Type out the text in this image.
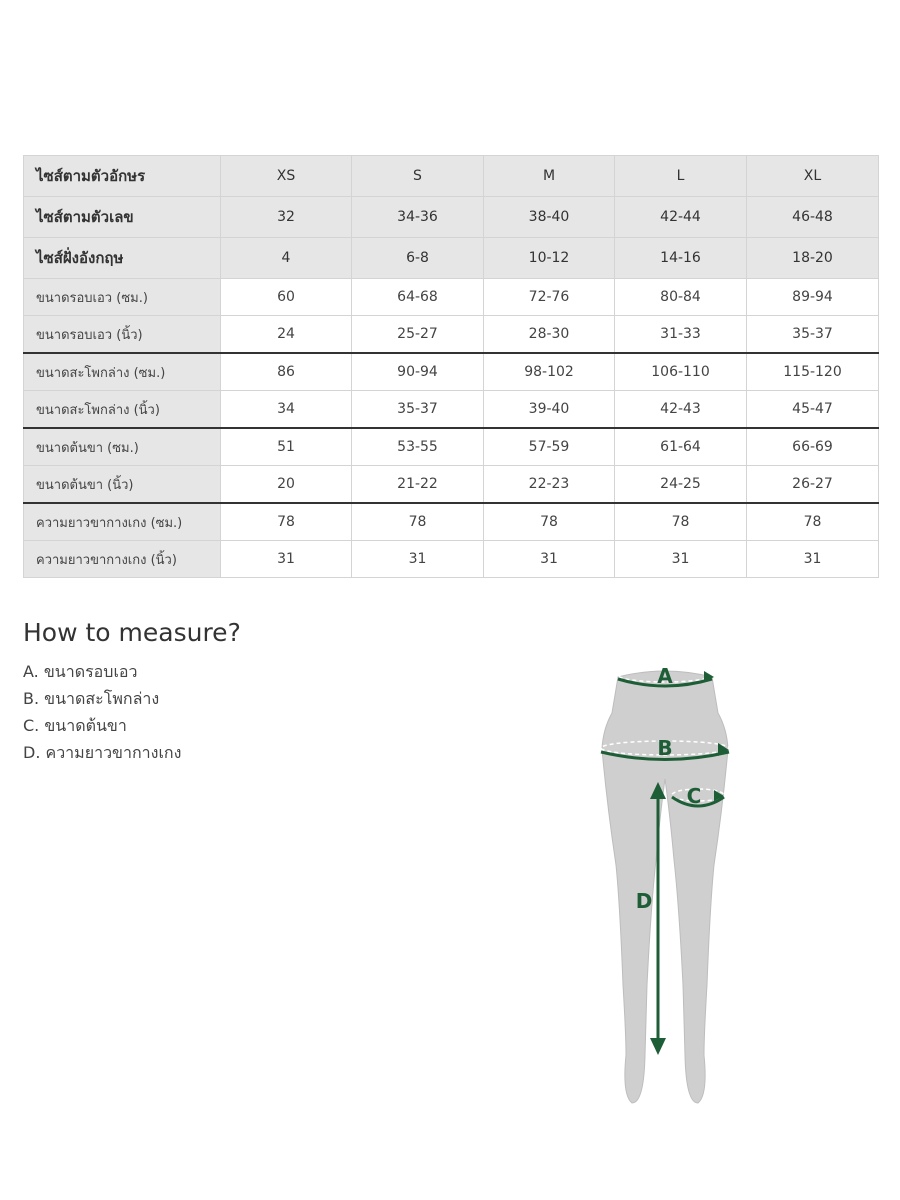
ไซส์ตามตัวอักษร	XS	S	M	L	XL
ไซส์ตามตัวเลข	32	34-36	38-40	42-44	46-48
ไซส์ฝั่งอังกฤษ	4	6-8	10-12	14-16	18-20
ขนาดรอบเอว (ซม.)	60	64-68	72-76	80-84	89-94
ขนาดรอบเอว (นิ้ว)	24	25-27	28-30	31-33	35-37
ขนาดสะโพกล่าง (ซม.)	86	90-94	98-102	106-110	115-120
ขนาดสะโพกล่าง (นิ้ว)	34	35-37	39-40	42-43	45-47
ขนาดต้นขา (ซม.)	51	53-55	57-59	61-64	66-69
ขนาดต้นขา (นิ้ว)	20	21-22	22-23	24-25	26-27
ความยาวขากางเกง (ซม.)	78	78	78	78	78
ความยาวขากางเกง (นิ้ว)	31	31	31	31	31
How to measure?
A. ขนาดรอบเอว
B. ขนาดสะโพกล่าง
C. ขนาดต้นขา
D. ความยาวขากางเกง
A
B
C
D
